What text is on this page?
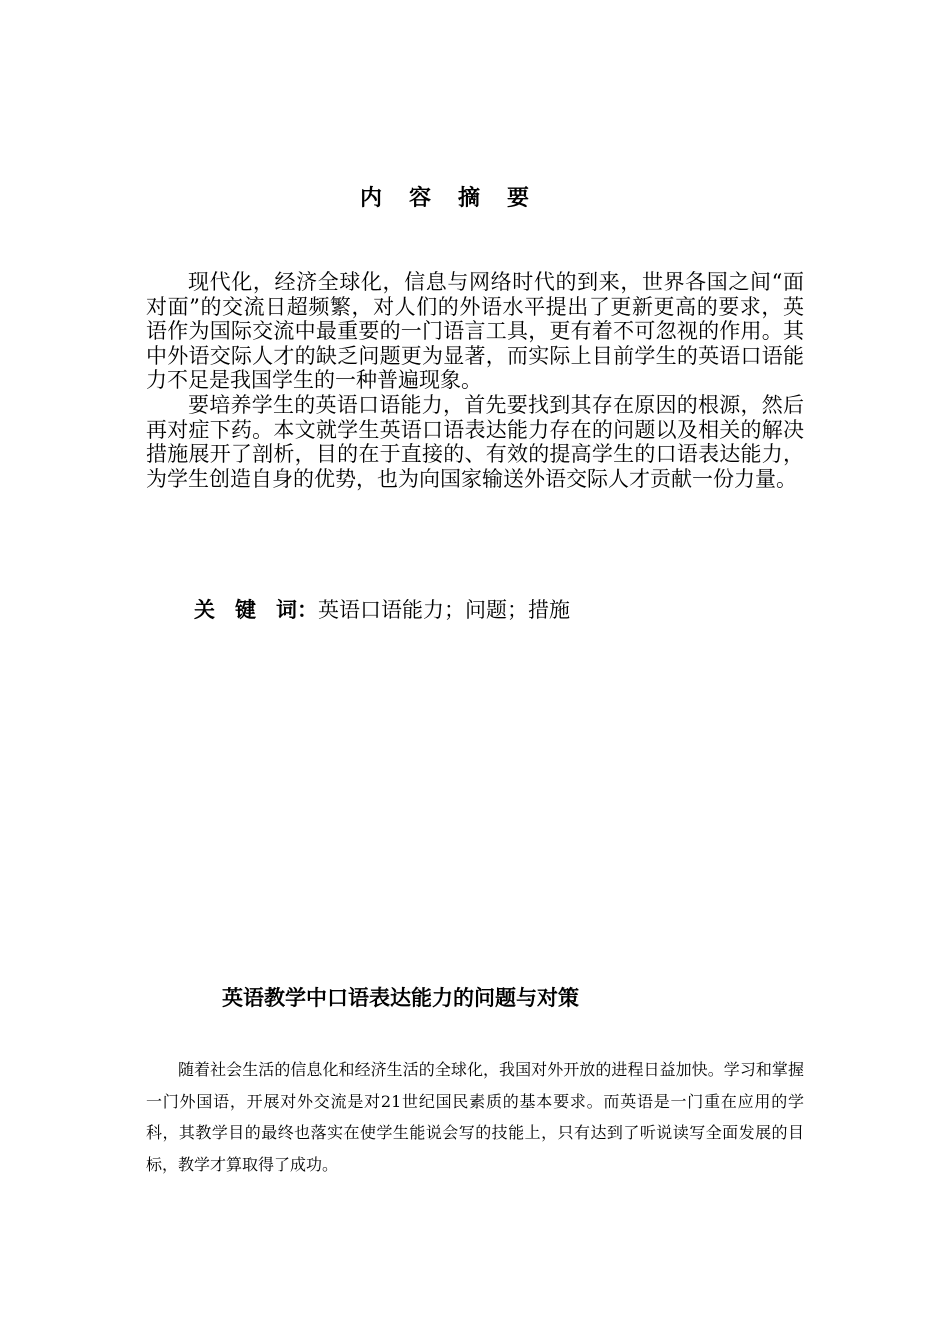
内容摘要

现代化，经济全球化，信息与网络时代的到来，世界各国之间“面对面”的交流日超频繁，对人们的外语水平提出了更新更高的要求，英语作为国际交流中最重要的一门语言工具，更有着不可忽视的作用。其中外语交际人才的缺乏问题更为显著，而实际上目前学生的英语口语能力不足是我国学生的一种普遍现象。

要培养学生的英语口语能力，首先要找到其存在原因的根源，然后再对症下药。本文就学生英语口语表达能力存在的问题以及相关的解决措施展开了剖析，目的在于直接的、有效的提高学生的口语表达能力，为学生创造自身的优势，也为向国家输送外语交际人才贡献一份力量。

关键词：英语口语能力；问题；措施
英语教学中口语表达能力的问题与对策

随着社会生活的信息化和经济生活的全球化，我国对外开放的进程日益加快。学习和掌握一门外国语，开展对外交流是对21世纪国民素质的基本要求。而英语是一门重在应用的学科，其教学目的最终也落实在使学生能说会写的技能上，只有达到了听说读写全面发展的目标，教学才算取得了成功。
